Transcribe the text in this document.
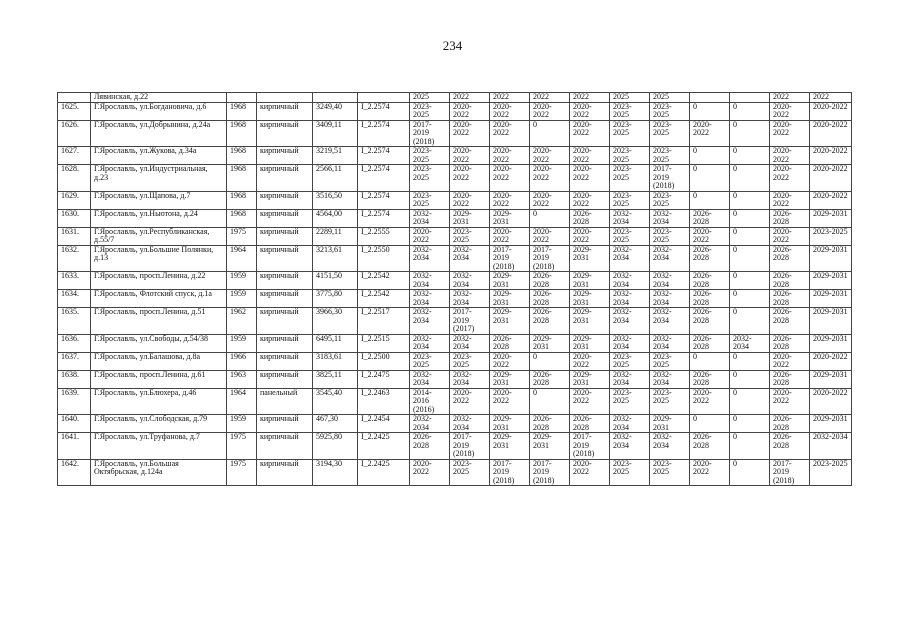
234
	Лявинская, д.22					2025	2022	2022	2022	2022	2025	2025			2022	2022
1625.	Г.Ярославль, ул.Богдановича, д.6	1968	кирпичный	3249,40	I_2.2574	2023-2025	2020-2022	2020-2022	2020-2022	2020-2022	2023-2025	2023-2025	0	0	2020-2022	2020-2022
1626.	Г.Ярославль, ул.Добрынина, д.24а	1968	кирпичный	3409,11	I_2.2574	2017-2019 (2018)	2020-2022	2020-2022	0	2020-2022	2023-2025	2023-2025	2020-2022	0	2020-2022	2020-2022
1627.	Г.Ярославль, ул.Жукова, д.34а	1968	кирпичный	3219,51	I_2.2574	2023-2025	2020-2022	2020-2022	2020-2022	2020-2022	2023-2025	2023-2025	0	0	2020-2022	2020-2022
1628.	Г.Ярославль, ул.Индустриальная, д.23	1968	кирпичный	2566,11	I_2.2574	2023-2025	2020-2022	2020-2022	2020-2022	2020-2022	2023-2025	2017-2019 (2018)	0	0	2020-2022	2020-2022
1629.	Г.Ярославль, ул.Щапова, д.7	1968	кирпичный	3516,50	I_2.2574	2023-2025	2020-2022	2020-2022	2020-2022	2020-2022	2023-2025	2023-2025	0	0	2020-2022	2020-2022
1630.	Г.Ярославль, ул.Ньютона, д.24	1968	кирпичный	4564,00	I_2.2574	2032-2034	2029-2031	2029-2031	0	2026-2028	2032-2034	2032-2034	2026-2028	0	2026-2028	2029-2031
1631.	Г.Ярославль, ул.Республиканская, д.55/7	1975	кирпичный	2289,11	I_2.2555	2020-2022	2023-2025	2020-2022	2020-2022	2020-2022	2023-2025	2023-2025	2020-2022	0	2020-2022	2023-2025
1632.	Г.Ярославль, ул.Большие Полянки, д.13	1964	кирпичный	3213,61	I_2.2550	2032-2034	2032-2034	2017-2019 (2018)	2017-2019 (2018)	2029-2031	2032-2034	2032-2034	2026-2028	0	2026-2028	2029-2031
1633.	Г.Ярославль, просп.Ленина, д.22	1959	кирпичный	4151,50	I_2.2542	2032-2034	2032-2034	2029-2031	2026-2028	2029-2031	2032-2034	2032-2034	2026-2028	0	2026-2028	2029-2031
1634.	Г.Ярославль, Флотский спуск, д.1а	1959	кирпичный	3775,80	I_2.2542	2032-2034	2032-2034	2029-2031	2026-2028	2029-2031	2032-2034	2032-2034	2026-2028	0	2026-2028	2029-2031
1635.	Г.Ярославль, просп.Ленина, д.51	1962	кирпичный	3966,30	I_2.2517	2032-2034	2017-2019 (2017)	2029-2031	2026-2028	2029-2031	2032-2034	2032-2034	2026-2028	0	2026-2028	2029-2031
1636.	Г.Ярославль, ул.Свободы, д.54/38	1959	кирпичный	6495,11	I_2.2515	2032-2034	2032-2034	2026-2028	2029-2031	2029-2031	2032-2034	2032-2034	2026-2028	2032-2034	2026-2028	2029-2031
1637.	Г.Ярославль, ул.Балашова, д.8а	1966	кирпичный	3183,61	I_2.2500	2023-2025	2023-2025	2020-2022	0	2020-2022	2023-2025	2023-2025	0	0	2020-2022	2020-2022
1638.	Г.Ярославль, просп.Ленина, д.61	1963	кирпичный	3825,11	I_2.2475	2032-2034	2032-2034	2029-2031	2026-2028	2029-2031	2032-2034	2032-2034	2026-2028	0	2026-2028	2029-2031
1639.	Г.Ярославль, ул.Блюхера, д.46	1964	панельный	3545,40	I_2.2463	2014-2016 (2016)	2020-2022	2020-2022	0	2020-2022	2023-2025	2023-2025	2020-2022	0	2020-2022	2020-2022
1640.	Г.Ярославль, ул.Слободская, д.79	1959	кирпичный	467,30	I_2.2454	2032-2034	2032-2034	2029-2031	2026-2028	2026-2028	2032-2034	2029-2031	0	0	2026-2028	2029-2031
1641.	Г.Ярославль, ул.Труфанова, д.7	1975	кирпичный	5925,80	I_2.2425	2026-2028	2017-2019 (2018)	2029-2031	2029-2031	2017-2019 (2018)	2032-2034	2032-2034	2026-2028	0	2026-2028	2032-2034
1642.	Г.Ярославль, ул.Большая Октябрьская, д.124а	1975	кирпичный	3194,30	I_2.2425	2020-2022	2023-2025	2017-2019 (2018)	2017-2019 (2018)	2020-2022	2023-2025	2023-2025	2020-2022	0	2017-2019 (2018)	2023-2025
